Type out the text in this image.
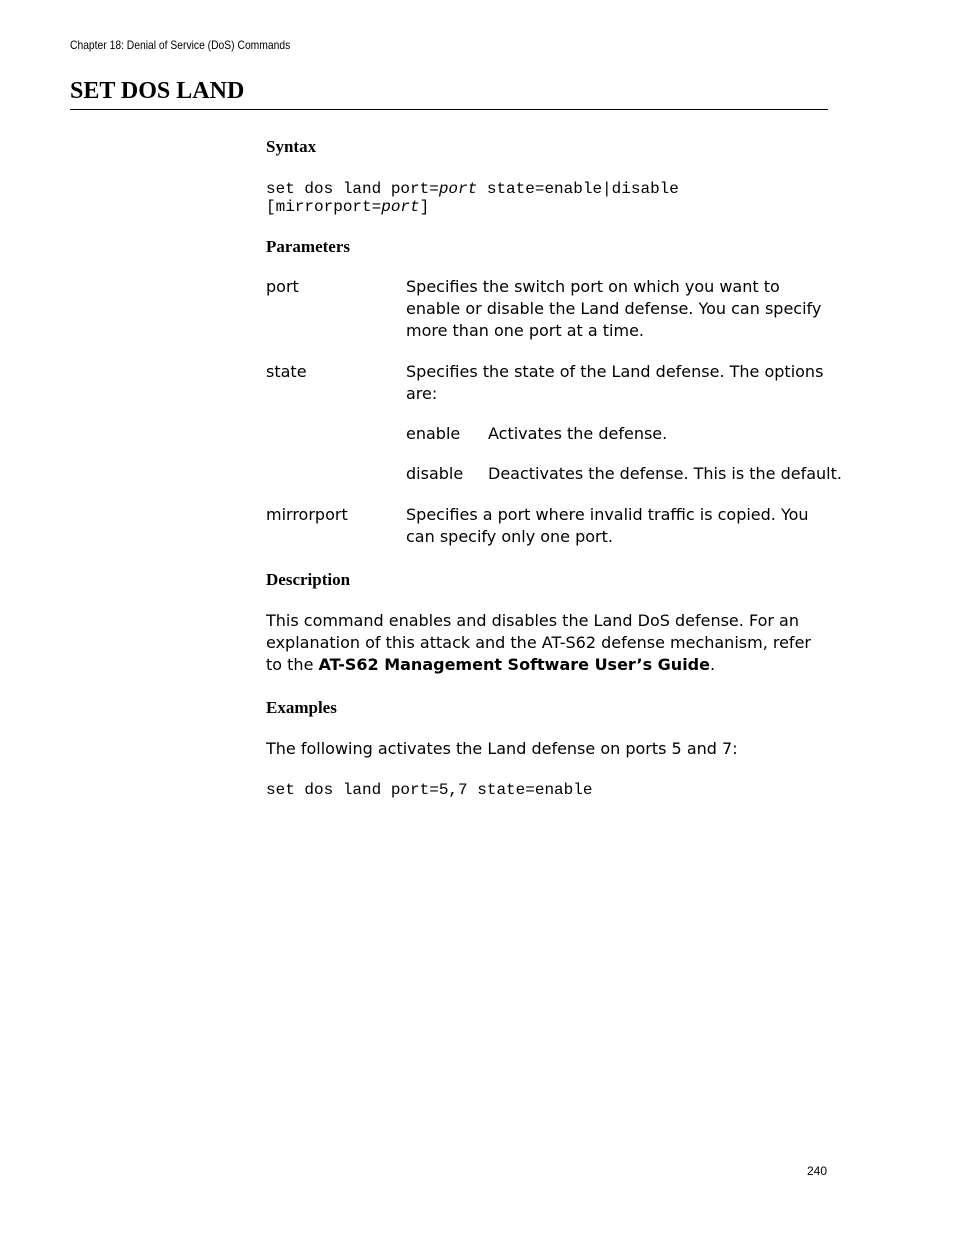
Chapter 18: Denial of Service (DoS) Commands
SET DOS LAND
Syntax
set dos land port=port state=enable|disable
[mirrorport=port]
Parameters
port	Specifies the switch port on which you want to enable or disable the Land defense. You can specify more than one port at a time.
state	Specifies the state of the Land defense. The options are:
enable Activates the defense.
disable Deactivates the defense. This is the default.
mirrorport	Specifies a port where invalid traffic is copied. You can specify only one port.
Description
This command enables and disables the Land DoS defense. For an explanation of this attack and the AT-S62 defense mechanism, refer to the AT-S62 Management Software User’s Guide.
Examples
The following activates the Land defense on ports 5 and 7:
set dos land port=5,7 state=enable
240
